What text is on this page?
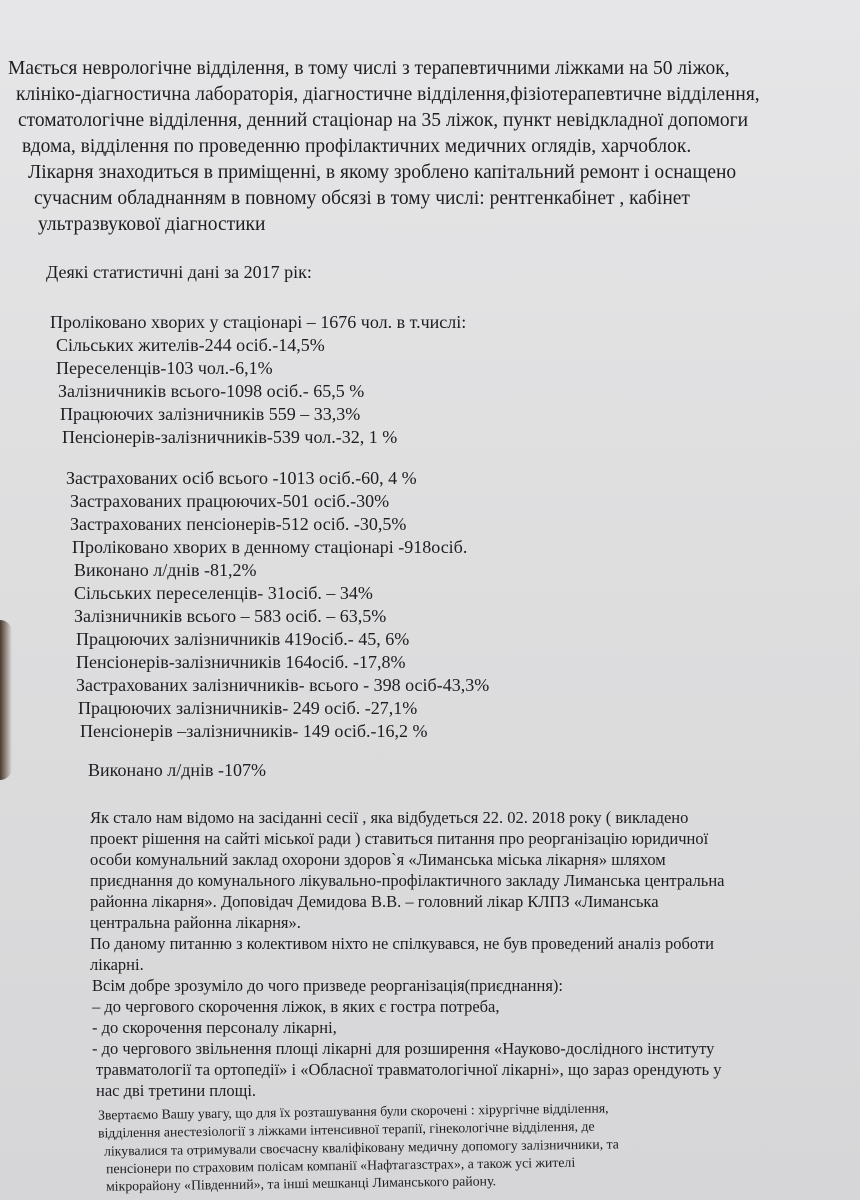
Мається неврологічне відділення, в тому числі з терапевтичними ліжками на 50 ліжок,
клініко-діагностична лабораторія, діагностичне відділення,фізіотерапевтичне відділення,
стоматологічне відділення, денний стаціонар на 35 ліжок, пункт невідкладної допомоги
вдома, відділення по проведенню профілактичних медичних оглядів, харчоблок.
Лікарня знаходиться в приміщенні, в якому зроблено капітальний ремонт і оснащено
сучасним обладнанням в повному обсязі в тому числі: рентгенкабінет , кабінет
ультразвукової діагностики
Деякі статистичні дані за 2017 рік:
Проліковано хворих у стаціонарі – 1676 чол. в т.числі:
Сільських жителів-244 осіб.-14,5%
Переселенців-103 чол.-6,1%
Залізничників всього-1098 осіб.- 65,5 %
Працюючих залізничників 559 – 33,3%
Пенсіонерів-залізничників-539 чол.-32, 1 %
Застрахованих осіб всього -1013 осіб.-60, 4 %
Застрахованих працюючих-501 осіб.-30%
Застрахованих пенсіонерів-512 осіб. -30,5%
Проліковано хворих в денному стаціонарі -918осіб.
Виконано л/днів -81,2%
Сільських переселенців- 31осіб. – 34%
Залізничників всього – 583 осіб. – 63,5%
Працюючих залізничників 419осіб.- 45, 6%
Пенсіонерів-залізничників 164осіб. -17,8%
Застрахованих залізничників- всього - 398 осіб-43,3%
Працюючих залізничників- 249 осіб. -27,1%
Пенсіонерів –залізничників- 149 осіб.-16,2 %
Виконано л/днів -107%
Як стало нам відомо на засіданні сесії , яка відбудеться 22. 02. 2018 року ( викладено
проект рішення на сайті міської ради ) ставиться питання про реорганізацію юридичної
особи комунальний заклад охорони здоров`я «Лиманська міська лікарня» шляхом
приєднання до комунального лікувально-профілактичного закладу Лиманська центральна
районна лікарня». Доповідач Демидова В.В. – головний лікар КЛПЗ «Лиманська
центральна районна лікарня».
По даному питанню з колективом ніхто не спілкувався, не був проведений аналіз роботи
лікарні.
Всім добре зрозуміло до чого призведе реорганізація(приєднання):
– до чергового скорочення ліжок, в яких є гостра потреба,
- до скорочення персоналу лікарні,
- до чергового звільнення площі лікарні для розширення «Науково-дослідного інституту
травматології та ортопедії» і «Обласної травматологічної лікарні», що зараз орендують у
нас дві третини площі.
Звертаємо Вашу увагу, що для їх розташування були скорочені : хірургічне відділення,
відділення анестезіології з ліжками інтенсивної терапії, гінекологічне відділення, де
лікувалися та отримували своєчасну кваліфіковану медичну допомогу залізничники, та
пенсіонери по страховим полісам компанії «Нафтагазстрах», а також усі жителі
мікрорайону «Південний», та інші мешканці Лиманського району.
